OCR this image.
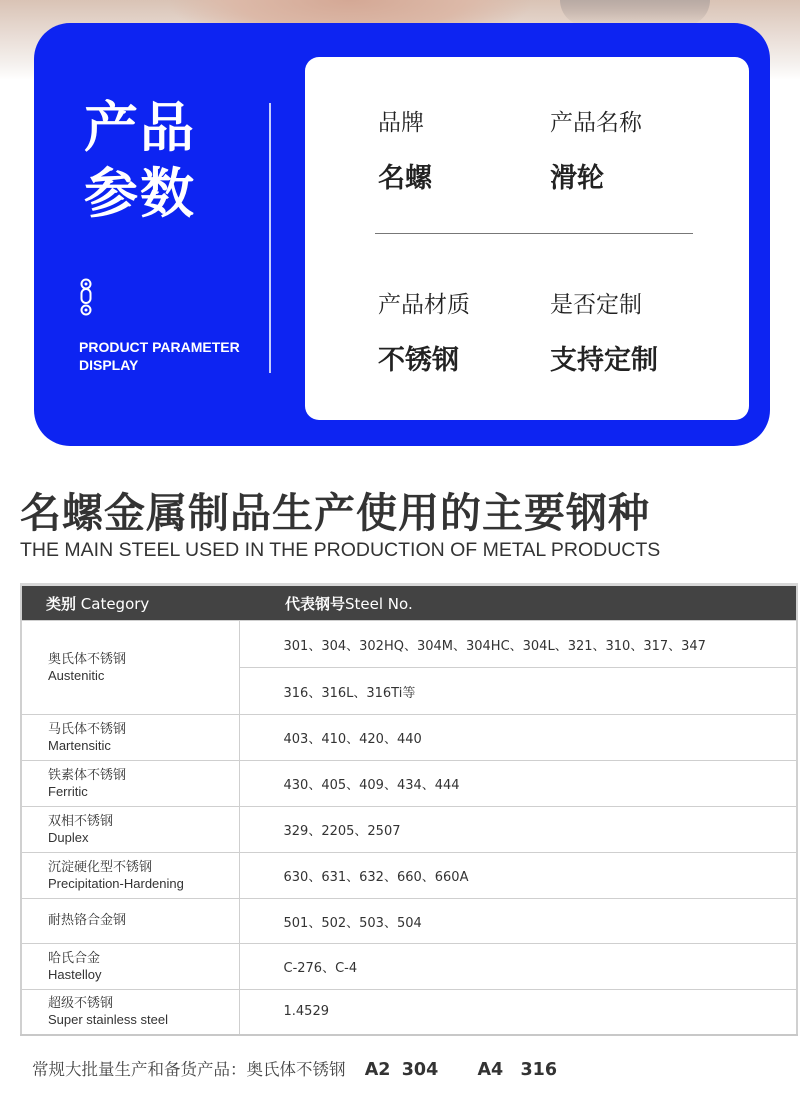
产品
参数
PRODUCT PARAMETER
DISPLAY
品牌
名螺
产品名称
滑轮
产品材质
不锈钢
是否定制
支持定制
名螺金属制品生产使用的主要钢种
THE MAIN STEEL USED IN THE PRODUCTION OF METAL PRODUCTS
类别 Category	代表钢号Steel No.

奥氏体不锈钢
Austenitic	301、304、302HQ、304M、304HC、304L、321、310、317、347
	316、316L、316Ti等

马氏体不锈钢
Martensitic	403、410、420、440

铁素体不锈钢
Ferritic	430、405、409、434、444

双相不锈钢
Duplex	329、2205、2507

沉淀硬化型不锈钢
Precipitation-Hardening	630、631、632、660、660A

耐热铬合金钢	501、502、503、504

哈氏合金
Hastelloy	C-276、C-4

超级不锈钢
Super stainless steel	1.4529
常规大批量生产和备货产品：奥氏体不锈钢 A2 304 A4 316
